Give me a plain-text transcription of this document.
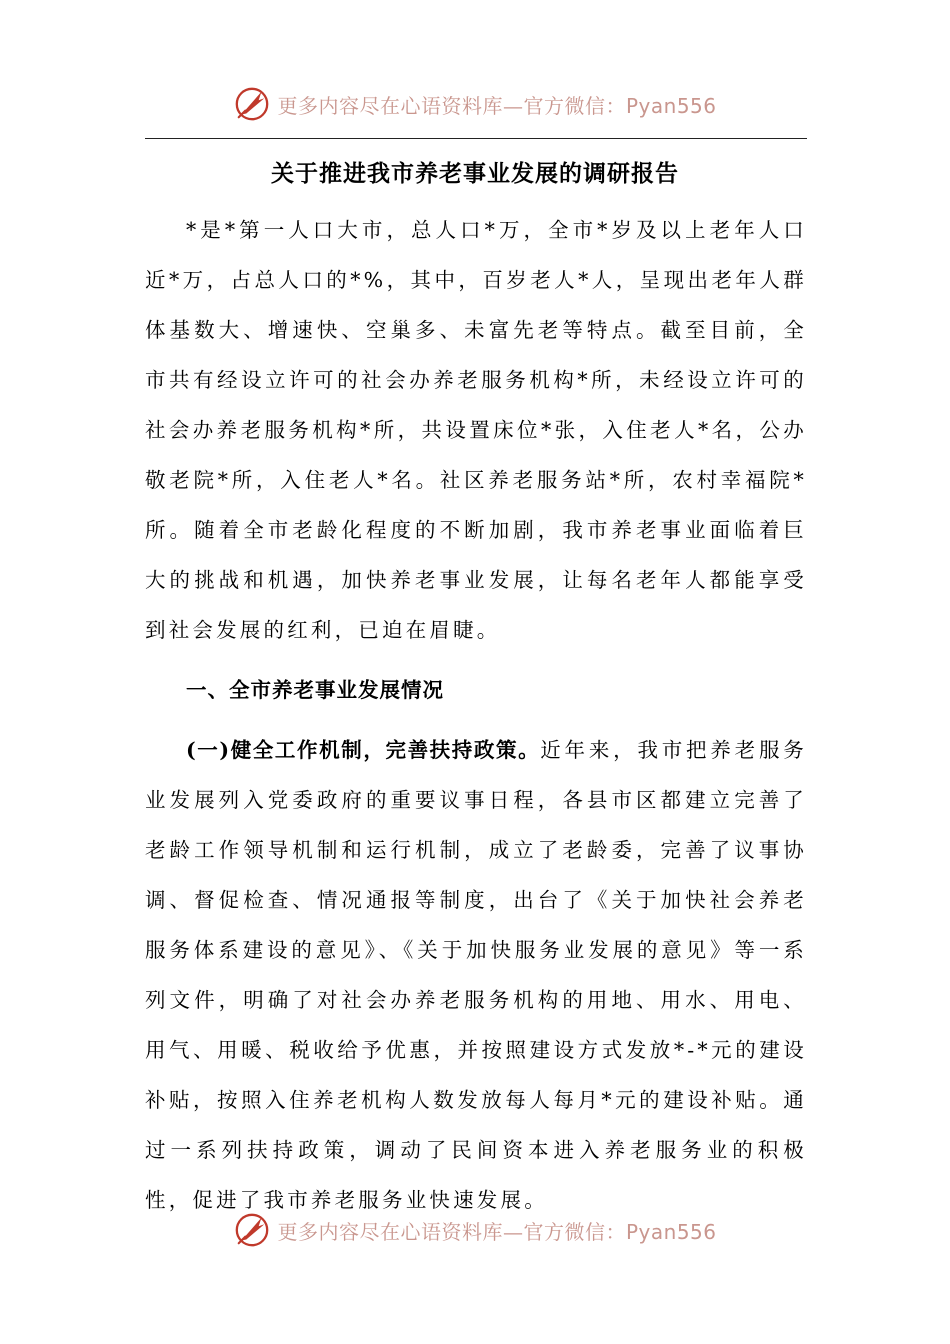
更多内容尽在心语资料库—官方微信：Pyan556
关于推进我市养老事业发展的调研报告

*是*第一人口大市，总人口*万，全市*岁及以上老年人口近*万，占总人口的*%，其中，百岁老人*人，呈现出老年人群体基数大、增速快、空巢多、未富先老等特点。截至目前，全市共有经设立许可的社会办养老服务机构*所，未经设立许可的社会办养老服务机构*所，共设置床位*张，入住老人*名，公办敬老院*所，入住老人*名。社区养老服务站*所，农村幸福院*所。随着全市老龄化程度的不断加剧，我市养老事业面临着巨大的挑战和机遇，加快养老事业发展，让每名老年人都能享受到社会发展的红利，已迫在眉睫。

一、全市养老事业发展情况

(一)健全工作机制，完善扶持政策。近年来，我市把养老服务业发展列入党委政府的重要议事日程，各县市区都建立完善了老龄工作领导机制和运行机制，成立了老龄委，完善了议事协调、督促检查、情况通报等制度，出台了《关于加快社会养老服务体系建设的意见》、《关于加快服务业发展的意见》等一系列文件，明确了对社会办养老服务机构的用地、用水、用电、用气、用暖、税收给予优惠，并按照建设方式发放*-*元的建设补贴，按照入住养老机构人数发放每人每月*元的建设补贴。通过一系列扶持政策，调动了民间资本进入养老服务业的积极性，促进了我市养老服务业快速发展。

更多内容尽在心语资料库—官方微信：Pyan556
